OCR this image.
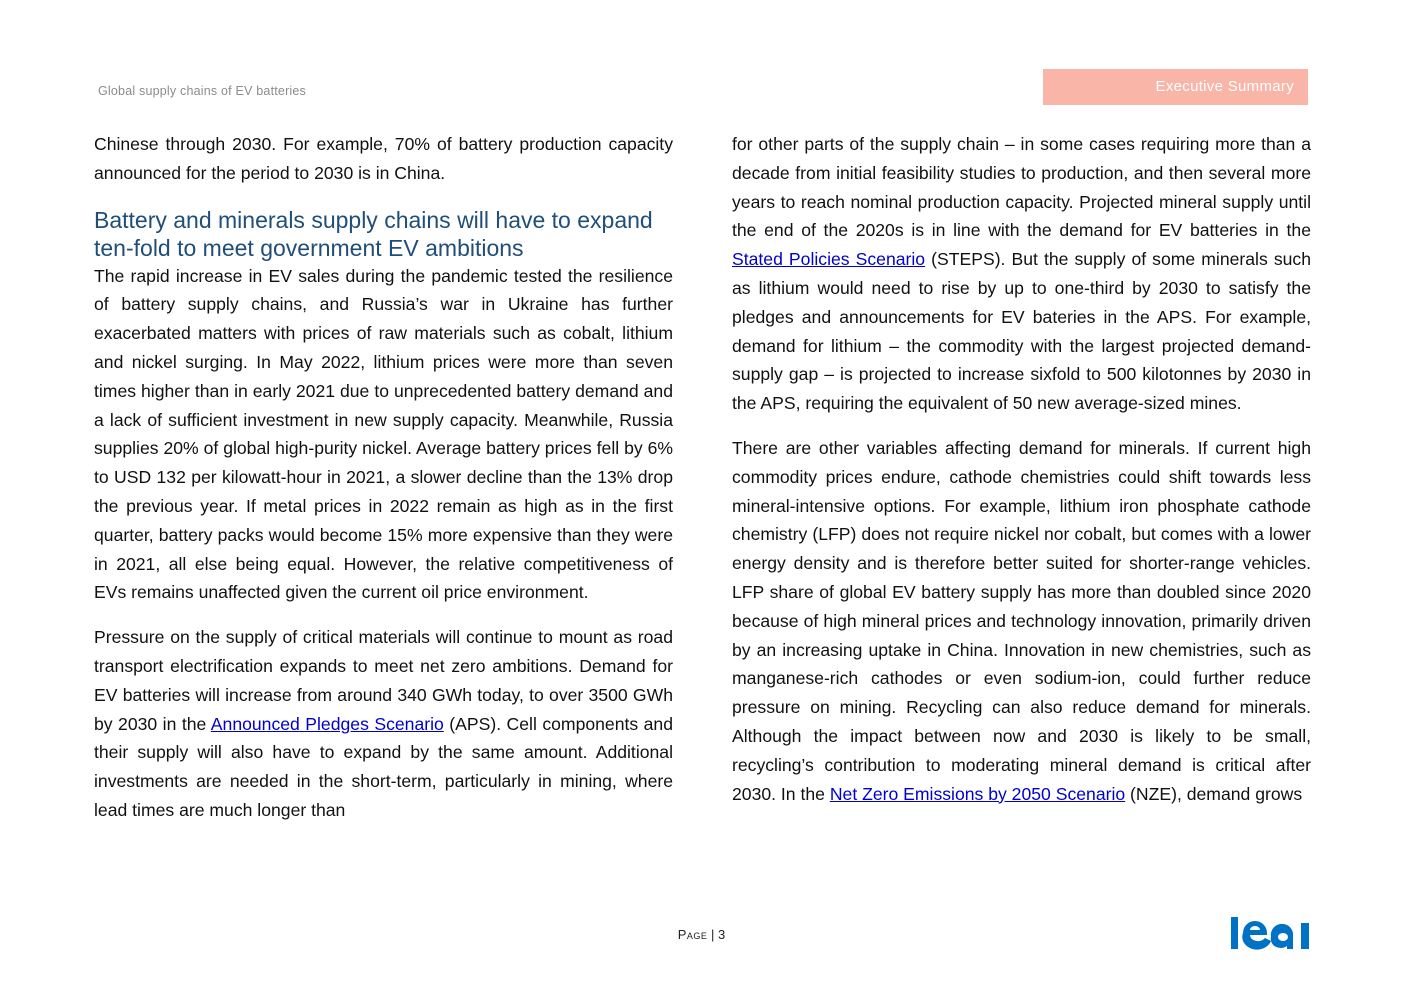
Global supply chains of EV batteries	Executive Summary

Chinese through 2030. For example, 70% of battery production capacity announced for the period to 2030 is in China.

Battery and minerals supply chains will have to expand ten-fold to meet government EV ambitions

The rapid increase in EV sales during the pandemic tested the resilience of battery supply chains, and Russia’s war in Ukraine has further exacerbated matters with prices of raw materials such as cobalt, lithium and nickel surging. In May 2022, lithium prices were more than seven times higher than in early 2021 due to unprecedented battery demand and a lack of sufficient investment in new supply capacity. Meanwhile, Russia supplies 20% of global high-purity nickel. Average battery prices fell by 6% to USD 132 per kilowatt-hour in 2021, a slower decline than the 13% drop the previous year. If metal prices in 2022 remain as high as in the first quarter, battery packs would become 15% more expensive than they were in 2021, all else being equal. However, the relative competitiveness of EVs remains unaffected given the current oil price environment.

Pressure on the supply of critical materials will continue to mount as road transport electrification expands to meet net zero ambitions. Demand for EV batteries will increase from around 340 GWh today, to over 3500 GWh by 2030 in the Announced Pledges Scenario (APS). Cell components and their supply will also have to expand by the same amount. Additional investments are needed in the short-term, particularly in mining, where lead times are much longer than

for other parts of the supply chain – in some cases requiring more than a decade from initial feasibility studies to production, and then several more years to reach nominal production capacity. Projected mineral supply until the end of the 2020s is in line with the demand for EV batteries in the Stated Policies Scenario (STEPS). But the supply of some minerals such as lithium would need to rise by up to one-third by 2030 to satisfy the pledges and announcements for EV bateries in the APS. For example, demand for lithium – the commodity with the largest projected demand-supply gap – is projected to increase sixfold to 500 kilotonnes by 2030 in the APS, requiring the equivalent of 50 new average-sized mines.

There are other variables affecting demand for minerals. If current high commodity prices endure, cathode chemistries could shift towards less mineral-intensive options. For example, lithium iron phosphate cathode chemistry (LFP) does not require nickel nor cobalt, but comes with a lower energy density and is therefore better suited for shorter-range vehicles. LFP share of global EV battery supply has more than doubled since 2020 because of high mineral prices and technology innovation, primarily driven by an increasing uptake in China. Innovation in new chemistries, such as manganese-rich cathodes or even sodium-ion, could further reduce pressure on mining. Recycling can also reduce demand for minerals. Although the impact between now and 2030 is likely to be small, recycling’s contribution to moderating mineral demand is critical after 2030. In the Net Zero Emissions by 2050 Scenario (NZE), demand grows

Page | 3
